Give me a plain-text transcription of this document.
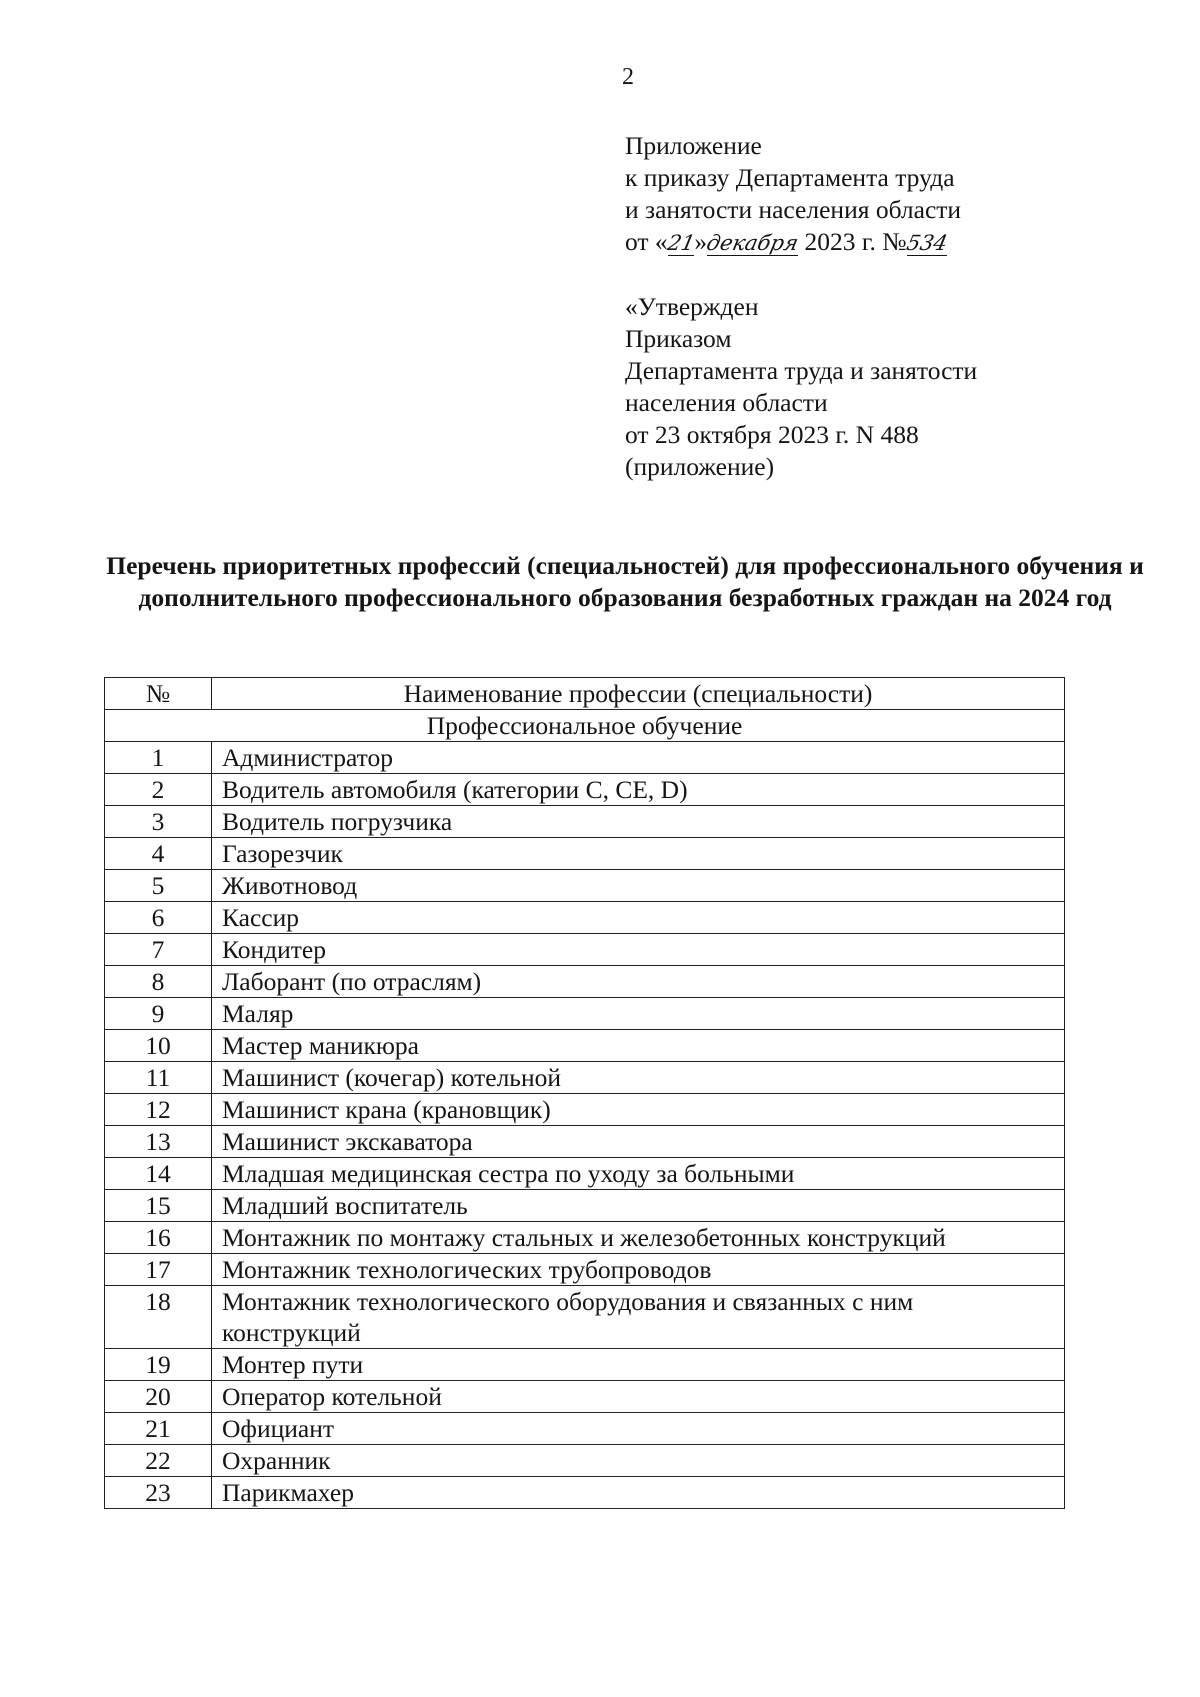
2
Приложение
к приказу Департамента труда
и занятости населения области
от «21»декабря 2023 г. №534
«Утвержден
Приказом
Департамента труда и занятости
населения области
от 23 октября 2023 г. N 488
(приложение)
Перечень приоритетных профессий (специальностей) для профессионального обучения и дополнительного профессионального образования безработных граждан на 2024 год
№	Наименование профессии (специальности)
Профессиональное обучение	
1	Администратор
2	Водитель автомобиля (категории С, СЕ, D)
3	Водитель погрузчика
4	Газорезчик
5	Животновод
6	Кассир
7	Кондитер
8	Лаборант (по отраслям)
9	Маляр
10	Мастер маникюра
11	Машинист (кочегар) котельной
12	Машинист крана (крановщик)
13	Машинист экскаватора
14	Младшая медицинская сестра по уходу за больными
15	Младший воспитатель
16	Монтажник по монтажу стальных и железобетонных конструкций
17	Монтажник технологических трубопроводов
18	Монтажник технологического оборудования и связанных с ним конструкций
19	Монтер пути
20	Оператор котельной
21	Официант
22	Охранник
23	Парикмахер
